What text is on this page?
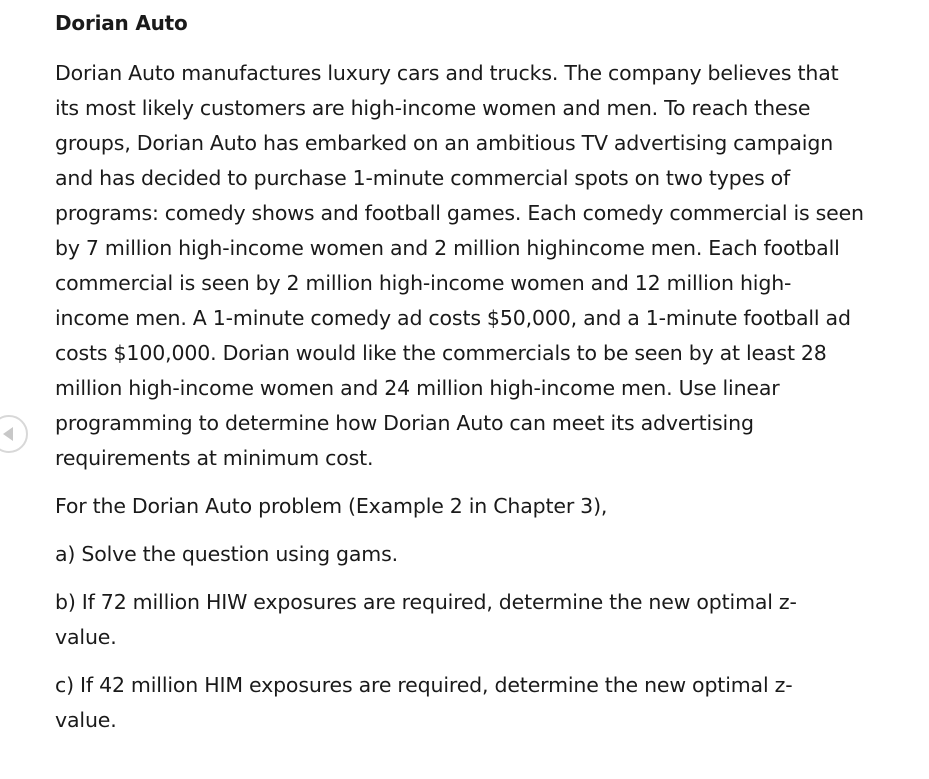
Dorian Auto

Dorian Auto manufactures luxury cars and trucks. The company believes that
its most likely customers are high-income women and men. To reach these
groups, Dorian Auto has embarked on an ambitious TV advertising campaign
and has decided to purchase 1-minute commercial spots on two types of
programs: comedy shows and football games. Each comedy commercial is seen
by 7 million high-income women and 2 million highincome men. Each football
commercial is seen by 2 million high-income women and 12 million high-
income men. A 1-minute comedy ad costs $50,000, and a 1-minute football ad
costs $100,000. Dorian would like the commercials to be seen by at least 28
million high-income women and 24 million high-income men. Use linear
programming to determine how Dorian Auto can meet its advertising
requirements at minimum cost.

For the Dorian Auto problem (Example 2 in Chapter 3),

a) Solve the question using gams.

b) If 72 million HIW exposures are required, determine the new optimal z-
value.

c) If 42 million HIM exposures are required, determine the new optimal z-
value.
